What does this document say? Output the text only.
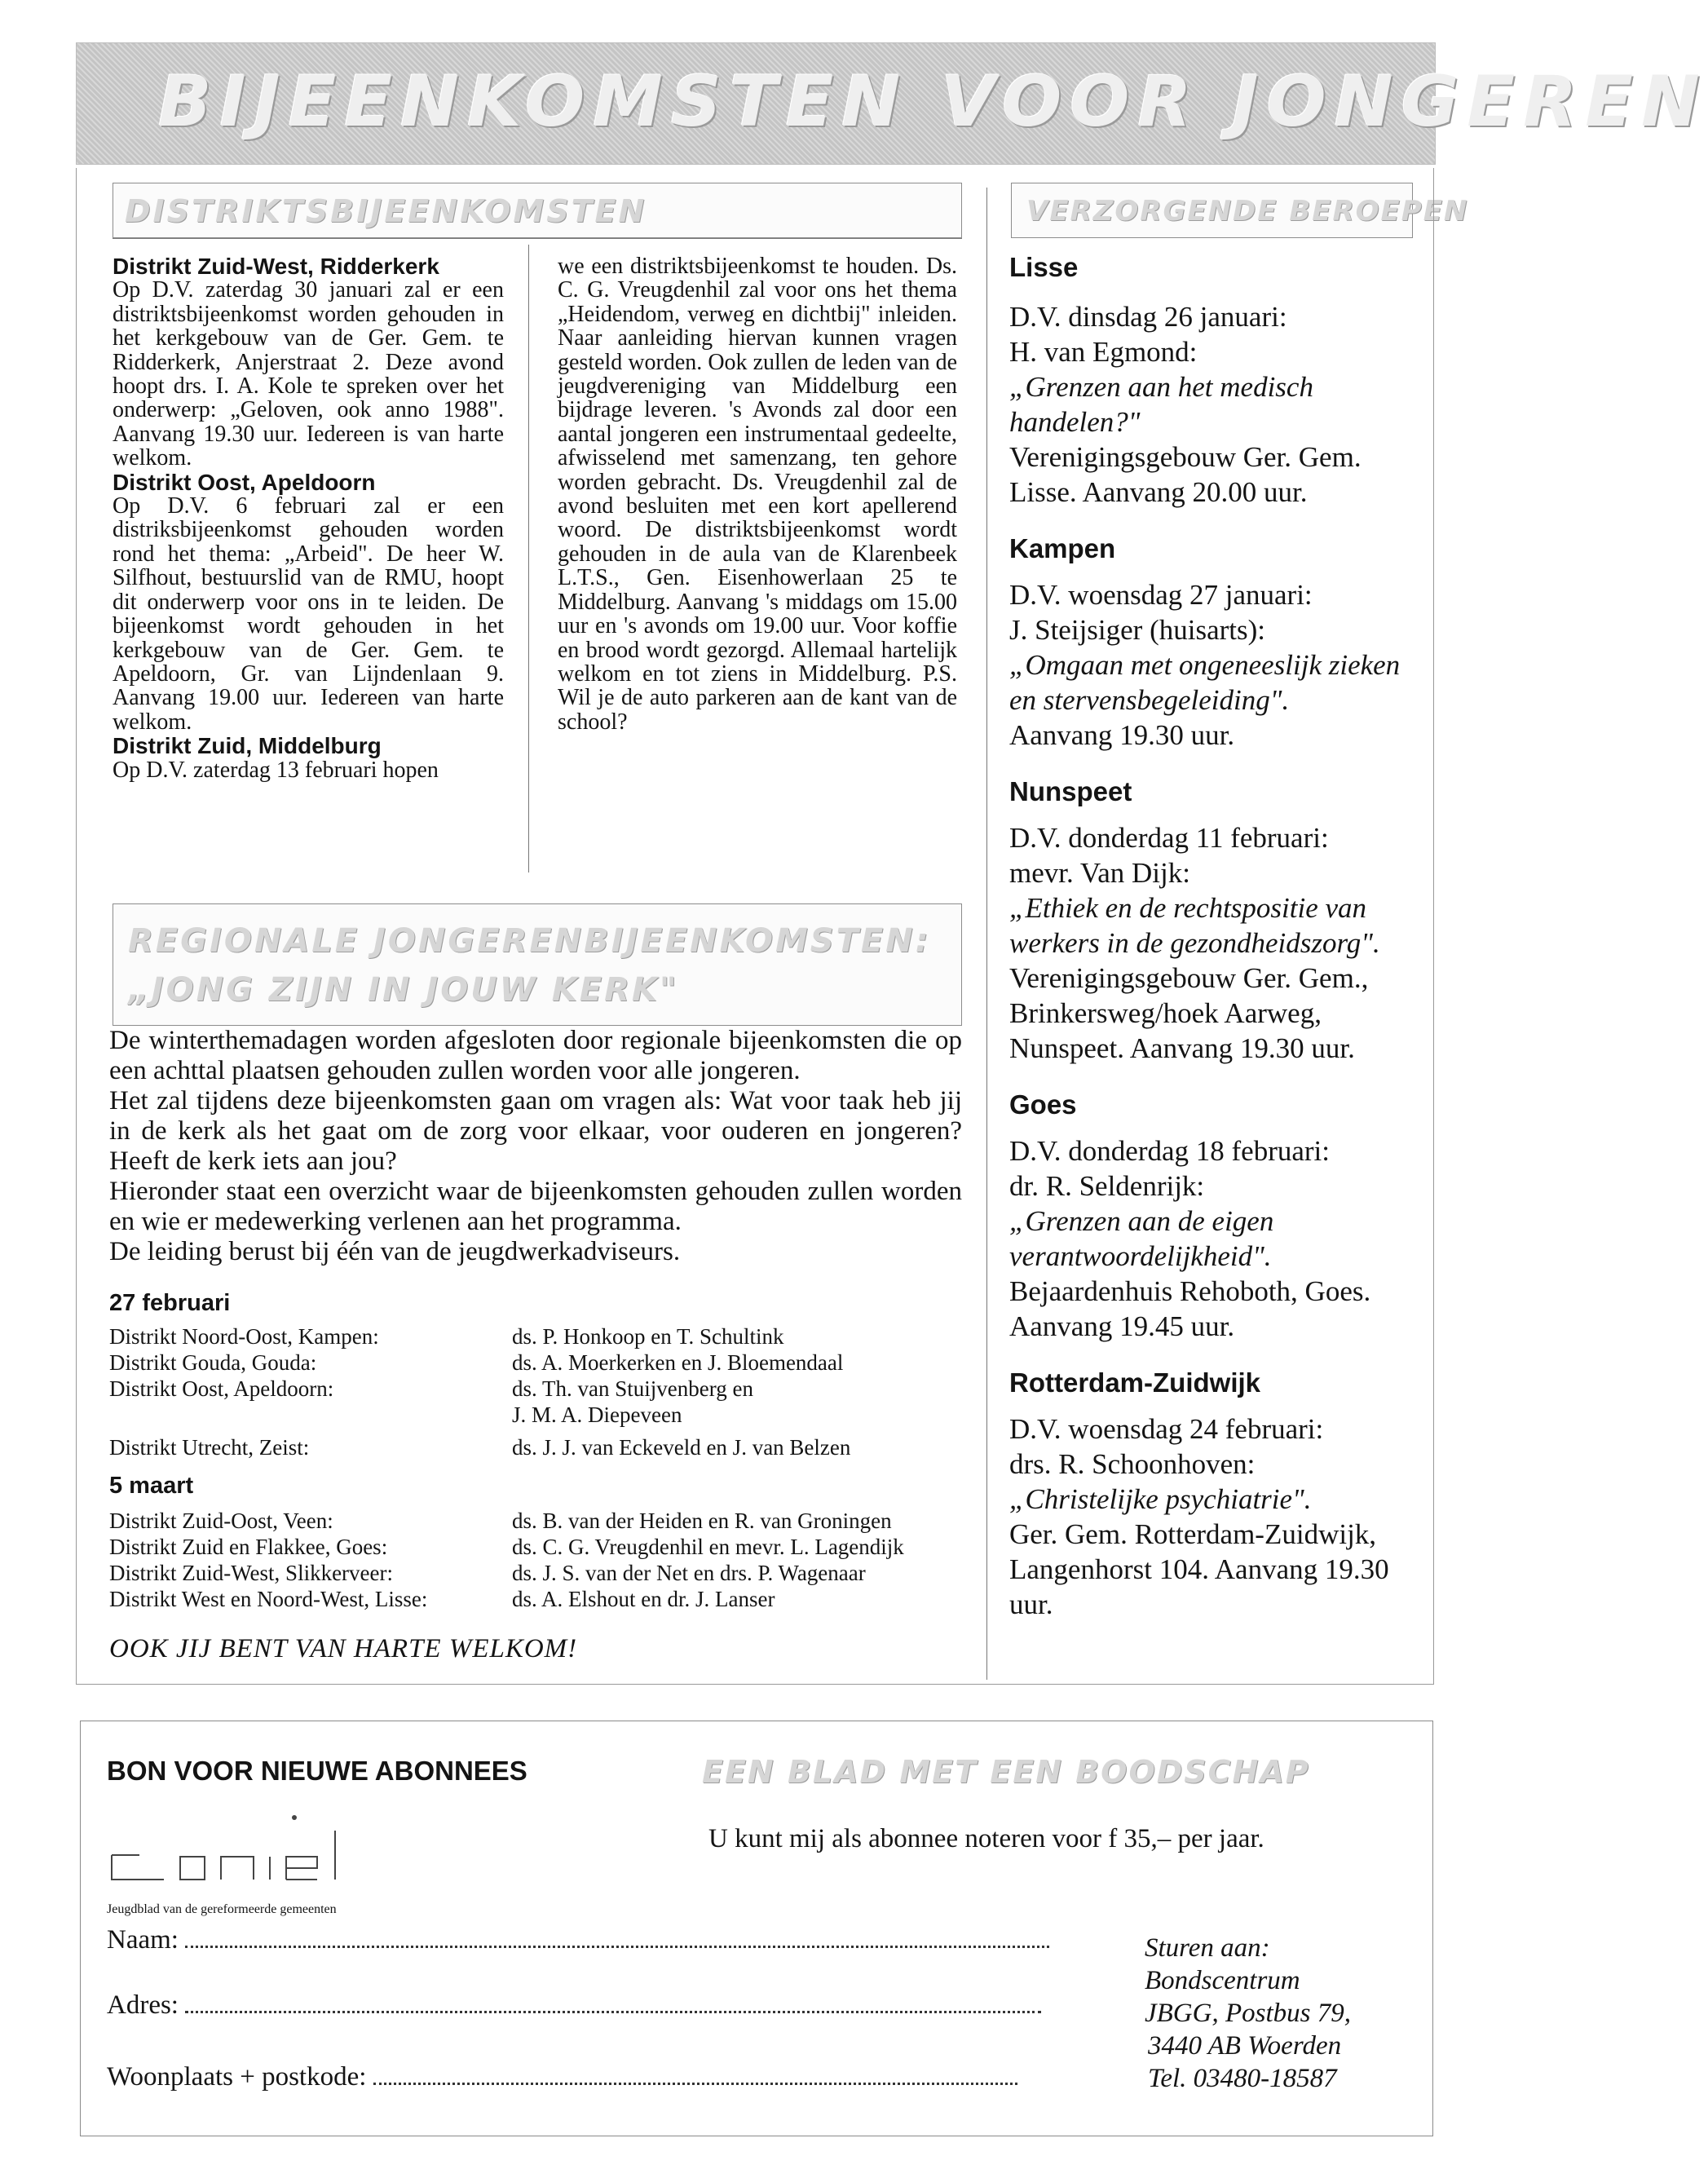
BIJEENKOMSTEN VOOR JONGEREN
DISTRIKTSBIJEENKOMSTEN	VERZORGENDE BEROEPEN

Distrikt Zuid-West, Ridderkerk

Op D.V. zaterdag 30 januari zal er een distriktsbijeenkomst worden gehouden in het kerkgebouw van de Ger. Gem. te Ridderkerk, Anjerstraat 2. Deze avond hoopt drs. I. A. Kole te spreken over het onderwerp: „Geloven, ook anno 1988". Aanvang 19.30 uur. Iedereen is van harte welkom.

Distrikt Oost, Apeldoorn

Op D.V. 6 februari zal er een distriksbijeenkomst gehouden worden rond het thema: „Arbeid". De heer W. Silfhout, bestuurslid van de RMU, hoopt dit onderwerp voor ons in te leiden. De bijeenkomst wordt gehouden in het kerkgebouw van de Ger. Gem. te Apeldoorn, Gr. van Lijndenlaan 9. Aanvang 19.00 uur. Iedereen van harte welkom.

Distrikt Zuid, Middelburg

Op D.V. zaterdag 13 februari hopen

we een distriktsbijeenkomst te houden. Ds. C. G. Vreugdenhil zal voor ons het thema „Heidendom, verweg en dichtbij" inleiden. Naar aanleiding hiervan kunnen vragen gesteld worden. Ook zullen de leden van de jeugdvereniging van Middelburg een bijdrage leveren. 's Avonds zal door een aantal jongeren een instrumentaal gedeelte, afwisselend met samenzang, ten gehore worden gebracht. Ds. Vreugdenhil zal de avond besluiten met een kort apellerend woord. De distriktsbijeenkomst wordt gehouden in de aula van de Klarenbeek L.T.S., Gen. Eisenhowerlaan 25 te Middelburg. Aanvang 's middags om 15.00 uur en 's avonds om 19.00 uur. Voor koffie en brood wordt gezorgd. Allemaal hartelijk welkom en tot ziens in Middelburg. P.S. Wil je de auto parkeren aan de kant van de school?

REGIONALE JONGERENBIJEENKOMSTEN:
„JONG ZIJN IN JOUW KERK"

De winterthemadagen worden afgesloten door regionale bijeenkomsten die op een achttal plaatsen gehouden zullen worden voor alle jongeren.

Het zal tijdens deze bijeenkomsten gaan om vragen als: Wat voor taak heb jij in de kerk als het gaat om de zorg voor elkaar, voor ouderen en jongeren? Heeft de kerk iets aan jou?

Hieronder staat een overzicht waar de bijeenkomsten gehouden zullen worden en wie er medewerking verlenen aan het programma.

De leiding berust bij één van de jeugdwerkadviseurs.

27 februari
Distrikt Noord-Oost, Kampen:	ds. P. Honkoop en T. Schultink
Distrikt Gouda, Gouda:	ds. A. Moerkerken en J. Bloemendaal
Distrikt Oost, Apeldoorn:	ds. Th. van Stuijvenberg en
J. M. A. Diepeveen
Distrikt Utrecht, Zeist:	ds. J. J. van Eckeveld en J. van Belzen
5 maart
Distrikt Zuid-Oost, Veen:	ds. B. van der Heiden en R. van Groningen
Distrikt Zuid en Flakkee, Goes:	ds. C. G. Vreugdenhil en mevr. L. Lagendijk
Distrikt Zuid-West, Slikkerveer:	ds. J. S. van der Net en drs. P. Wagenaar
Distrikt West en Noord-West, Lisse:	ds. A. Elshout en dr. J. Lanser
OOK JIJ BENT VAN HARTE WELKOM!

Lisse

D.V. dinsdag 26 januari:

H. van Egmond:

„Grenzen aan het medisch handelen?"

Verenigingsgebouw Ger. Gem. Lisse. Aanvang 20.00 uur.

Kampen

D.V. woensdag 27 januari:

J. Steijsiger (huisarts):

„Omgaan met ongeneeslijk zieken en stervensbegeleiding".

Aanvang 19.30 uur.

Nunspeet

D.V. donderdag 11 februari:

mevr. Van Dijk:

„Ethiek en de rechtspositie van werkers in de gezondheidszorg".

Verenigingsgebouw Ger. Gem., Brinkersweg/hoek Aarweg, Nunspeet. Aanvang 19.30 uur.

Goes

D.V. donderdag 18 februari:

dr. R. Seldenrijk:

„Grenzen aan de eigen verantwoordelijkheid".

Bejaardenhuis Rehoboth, Goes. Aanvang 19.45 uur.

Rotterdam-Zuidwijk

D.V. woensdag 24 februari:

drs. R. Schoonhoven:

„Christelijke psychiatrie".

Ger. Gem. Rotterdam-Zuidwijk, Langenhorst 104. Aanvang 19.30 uur.

BON VOOR NIEUWE ABONNEES
daniel
Jeugdblad van de gereformeerde gemeenten
EEN BLAD MET EEN BOODSCHAP
U kunt mij als abonnee noteren voor f 35,– per jaar.
Naam:
Adres:
Woonplaats + postkode:
Sturen aan:
Bondscentrum
JBGG, Postbus 79,
3440 AB Woerden
Tel. 03480-18587
